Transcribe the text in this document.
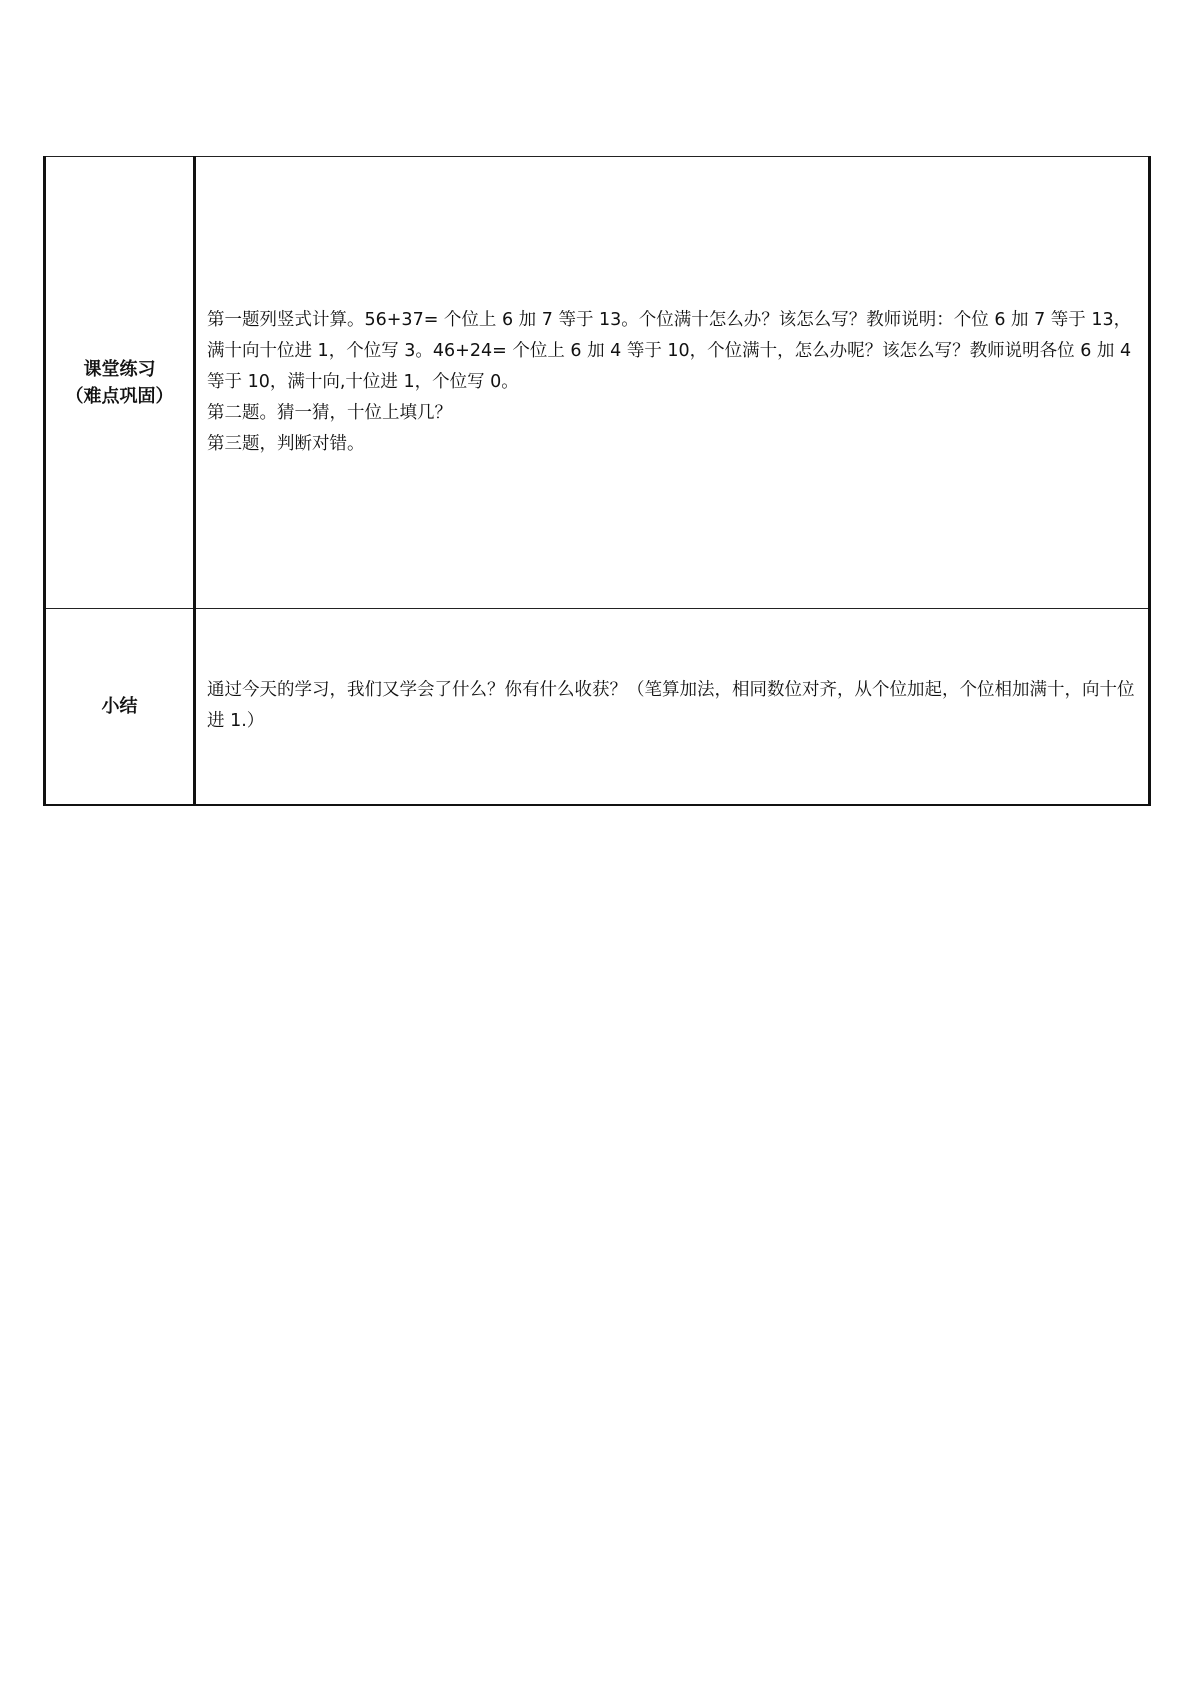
课堂练习
（难点巩固）	第一题列竖式计算。56+37= 个位上 6 加 7 等于 13。个位满十怎么办？该怎么写？教师说明：个位 6 加 7 等于 13，满十向十位进 1，个位写 3。46+24= 个位上 6 加 4 等于 10，个位满十，怎么办呢？该怎么写？教师说明各位 6 加 4 等于 10，满十向,十位进 1，个位写 0。
第二题。猜一猜，十位上填几？
第三题，判断对错。

小结	通过今天的学习，我们又学会了什么？你有什么收获？（笔算加法，相同数位对齐，从个位加起，个位相加满十，向十位进 1.）
